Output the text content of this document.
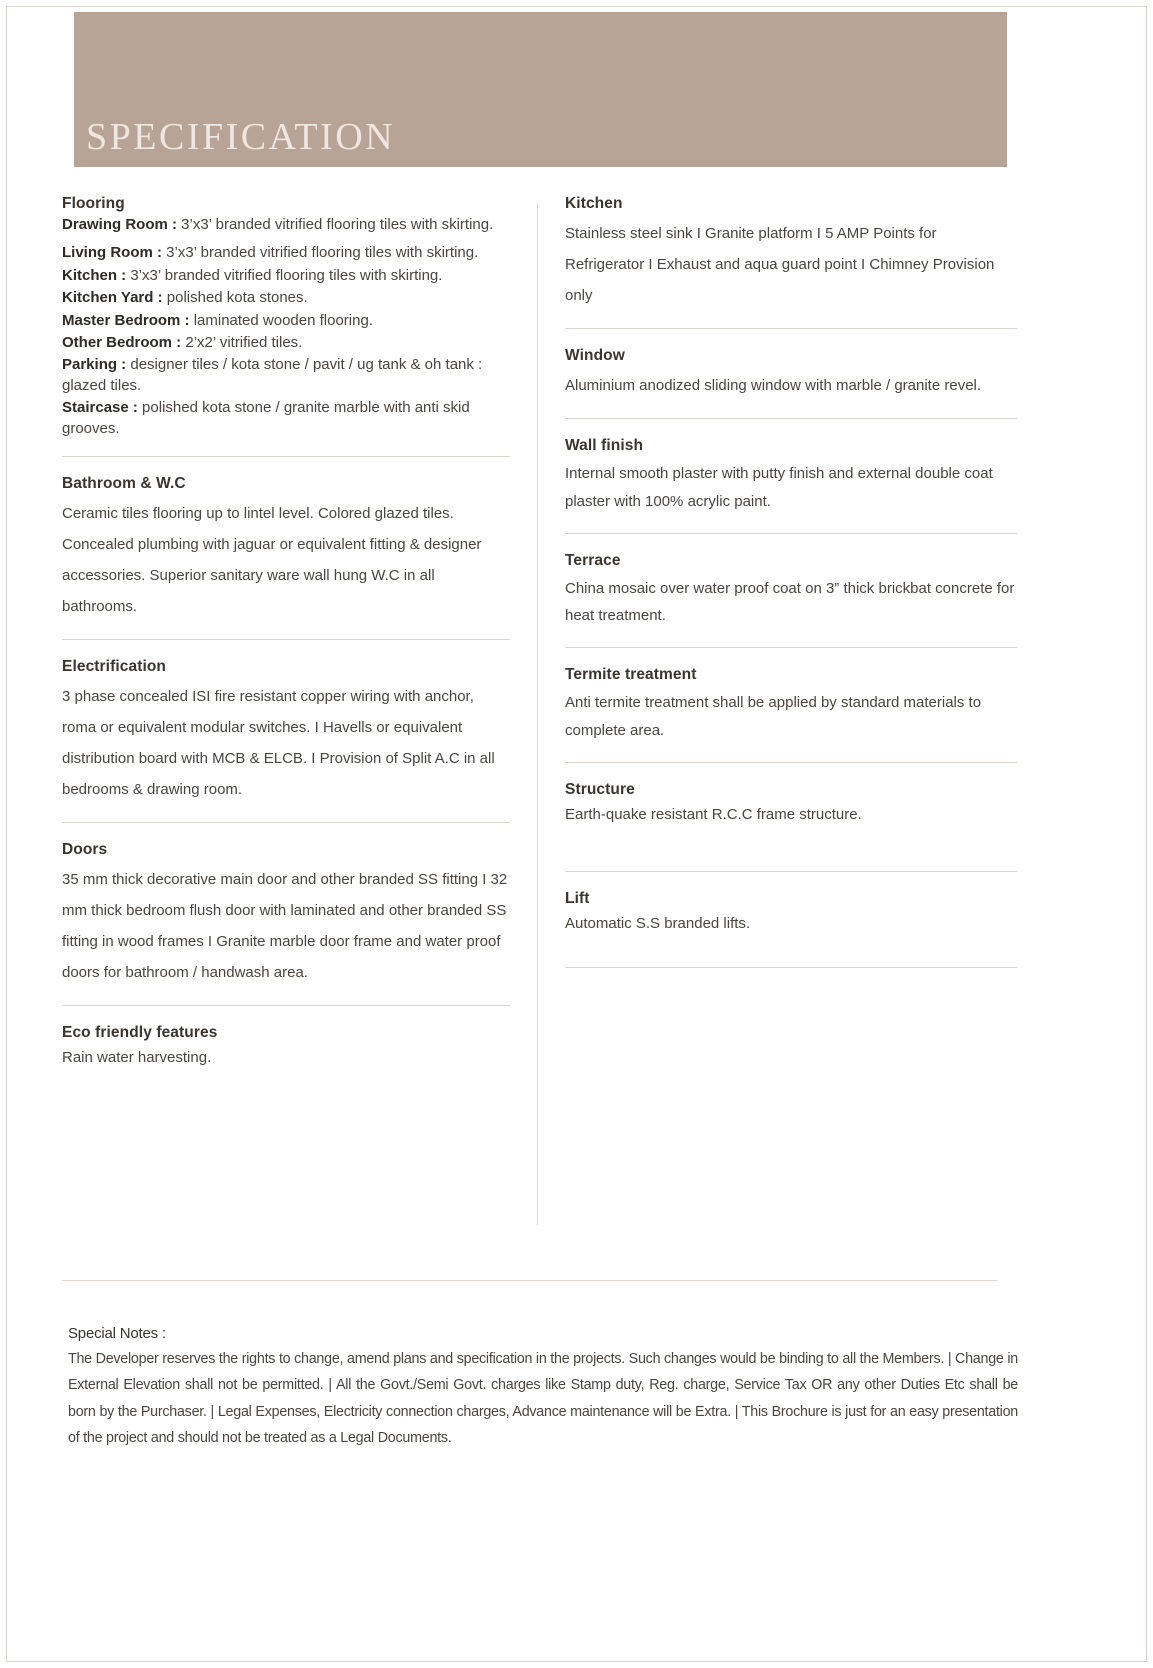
SPECIFICATION
Flooring

Drawing Room : 3’x3’ branded vitrified flooring tiles with skirting.

Living Room : 3’x3’ branded vitrified flooring tiles with skirting.

Kitchen : 3’x3’ branded vitrified flooring tiles with skirting.

Kitchen Yard : polished kota stones.

Master Bedroom : laminated wooden flooring.

Other Bedroom : 2’x2’ vitrified tiles.

Parking : designer tiles / kota stone / pavit / ug tank & oh tank : glazed tiles.

Staircase : polished kota stone / granite marble with anti skid grooves.

Bathroom & W.C

Ceramic tiles flooring up to lintel level. Colored glazed tiles. Concealed plumbing with jaguar or equivalent fitting & designer accessories. Superior sanitary ware wall hung W.C in all bathrooms.

Electrification

3 phase concealed ISI fire resistant copper wiring with anchor, roma or equivalent modular switches. I Havells or equivalent distribution board with MCB & ELCB. I Provision of Split A.C in all bedrooms & drawing room.

Doors

35 mm thick decorative main door and other branded SS fitting I 32 mm thick bedroom flush door with laminated and other branded SS fitting in wood frames I Granite marble door frame and water proof doors for bathroom / handwash area.

Eco friendly features

Rain water harvesting.

Kitchen

Stainless steel sink I Granite platform I 5 AMP Points for Refrigerator I Exhaust and aqua guard point I Chimney Provision only

Window

Aluminium anodized sliding window with marble / granite revel.

Wall finish

Internal smooth plaster with putty finish and external double coat plaster with 100% acrylic paint.

Terrace

China mosaic over water proof coat on 3” thick brickbat concrete for heat treatment.

Termite treatment

Anti termite treatment shall be applied by standard materials to complete area.

Structure

Earth-quake resistant R.C.C frame structure.

Lift

Automatic S.S branded lifts.

Special Notes :

The Developer reserves the rights to change, amend plans and specification in the projects. Such changes would be binding to all the Members. | Change in External Elevation shall not be permitted. | All the Govt./Semi Govt. charges like Stamp duty, Reg. charge, Service Tax OR any other Duties Etc shall be born by the Purchaser. | Legal Expenses, Electricity connection charges, Advance maintenance will be Extra. | This Brochure is just for an easy presentation of the project and should not be treated as a Legal Documents.
